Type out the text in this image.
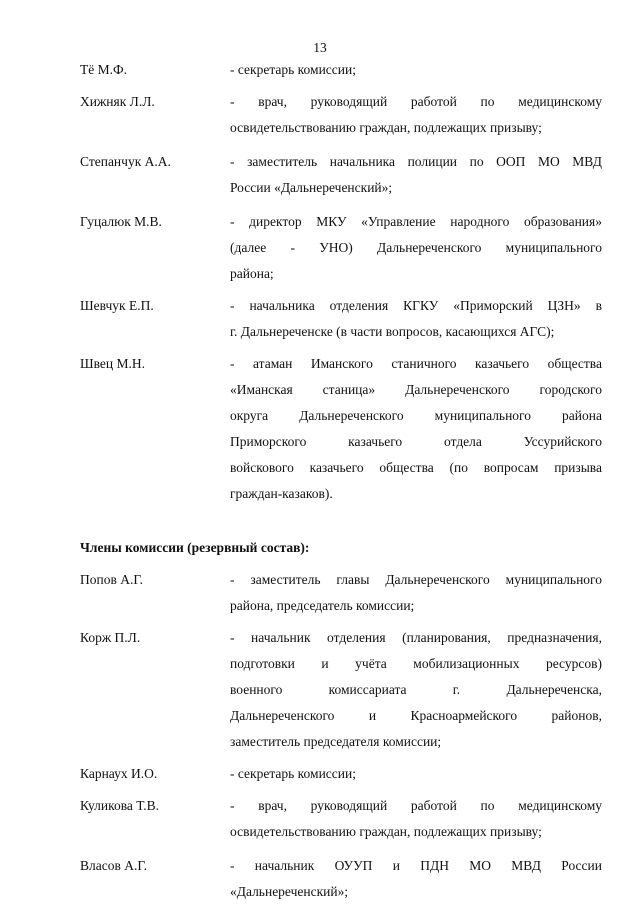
13
Тё М.Ф.	- секретарь комиссии;
Хижняк Л.Л.	- врач, руководящий работой по медицинскому
освидетельствованию граждан, подлежащих призыву;
Степанчук А.А.	- заместитель начальника полиции по ООП МО МВД
России «Дальнереченский»;
Гуцалюк М.В.	- директор МКУ «Управление народного образования»
(далее - УНО) Дальнереченского муниципального
района;
Шевчук Е.П.	- начальника отделения КГКУ «Приморский ЦЗН» в
г. Дальнереченске (в части вопросов, касающихся АГС);
Швец М.Н.	- атаман Иманского станичного казачьего общества
«Иманская станица» Дальнереченского городского
округа Дальнереченского муниципального района
Приморского казачьего отдела Уссурийского
войскового казачьего общества (по вопросам призыва
граждан-казаков).
Члены комиссии (резервный состав):
Попов А.Г.	- заместитель главы Дальнереченского муниципального
района, председатель комиссии;
Корж П.Л.	- начальник отделения (планирования, предназначения,
подготовки и учёта мобилизационных ресурсов)
военного комиссариата г. Дальнереченска,
Дальнереченского и Красноармейского районов,
заместитель председателя комиссии;
Карнаух И.О.	- секретарь комиссии;
Куликова Т.В.	- врач, руководящий работой по медицинскому
освидетельствованию граждан, подлежащих призыву;
Власов А.Г.	- начальник ОУУП и ПДН МО МВД России
«Дальнереченский»;
